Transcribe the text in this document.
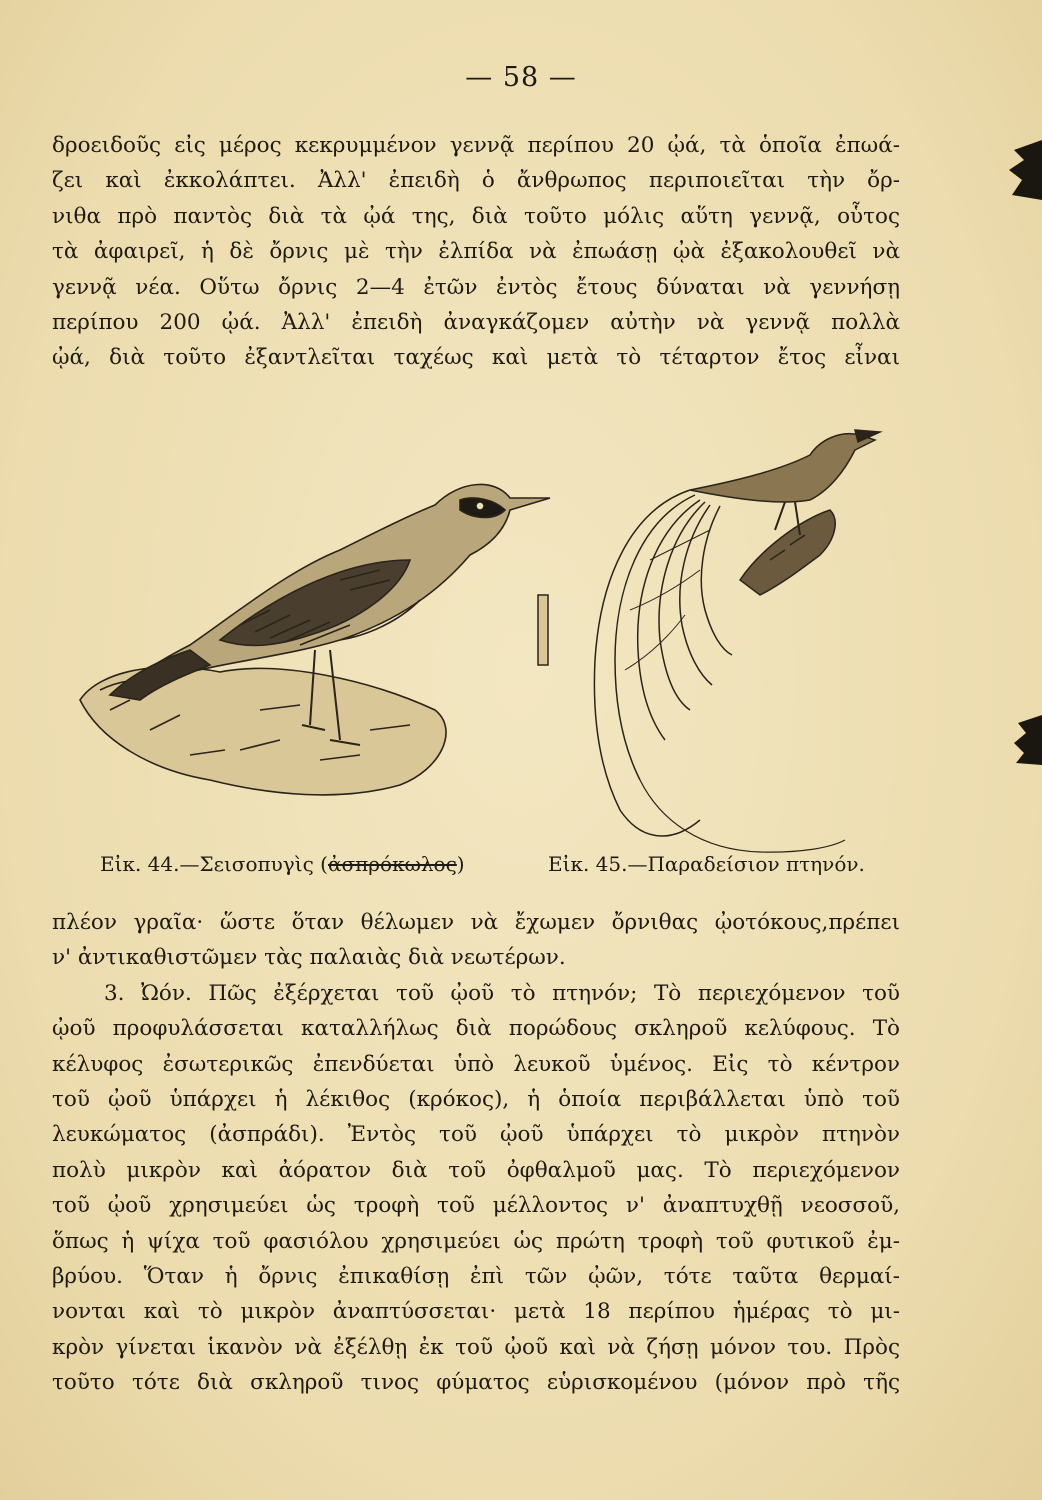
— 58 —
δροειδοῦς εἰς μέρος κεκρυμμένον γεννᾷ περίπου 20 ᾠά, τὰ ὁποῖα ἐπωά-
ζει καὶ ἐκκολάπτει. Ἀλλ' ἐπειδὴ ὁ ἄνθρωπος περιποιεῖται τὴν ὄρ-
νιθα πρὸ παντὸς διὰ τὰ ᾠά της, διὰ τοῦτο μόλις αὕτη γεννᾷ, οὗτος
τὰ ἀφαιρεῖ, ἡ δὲ ὄρνις μὲ τὴν ἐλπίδα νὰ ἐπωάσῃ ᾠὰ ἐξακολουθεῖ νὰ
γεννᾷ νέα. Οὕτω ὄρνις 2—4 ἐτῶν ἐντὸς ἔτους δύναται νὰ γεννήσῃ
περίπου 200 ᾠά. Ἀλλ' ἐπειδὴ ἀναγκάζομεν αὐτὴν νὰ γεννᾷ πολλὰ
ᾠά, διὰ τοῦτο ἐξαντλεῖται ταχέως καὶ μετὰ τὸ τέταρτον ἔτος εἶναι
Εἰκ. 44.—Σεισοπυγὶς (ἀσπρόκωλος)	Εἰκ. 45.—Παραδείσιον πτηνόν.
πλέον γραῖα· ὥστε ὅταν θέλωμεν νὰ ἔχωμεν ὄρνιθας ᾠοτόκους,πρέπει
ν' ἀντικαθιστῶμεν τὰς παλαιὰς διὰ νεωτέρων.
3. Ὠόν. Πῶς ἐξέρχεται τοῦ ᾠοῦ τὸ πτηνόν; Τὸ περιεχόμενον τοῦ
ᾠοῦ προφυλάσσεται καταλλήλως διὰ πορώδους σκληροῦ κελύφους. Τὸ
κέλυφος ἐσωτερικῶς ἐπενδύεται ὑπὸ λευκοῦ ὑμένος. Εἰς τὸ κέντρον
τοῦ ᾠοῦ ὑπάρχει ἡ λέκιθος (κρόκος), ἡ ὁποία περιβάλλεται ὑπὸ τοῦ
λευκώματος (ἀσπράδι). Ἐντὸς τοῦ ᾠοῦ ὑπάρχει τὸ μικρὸν πτηνὸν
πολὺ μικρὸν καὶ ἀόρατον διὰ τοῦ ὀφθαλμοῦ μας. Τὸ περιεχόμενον
τοῦ ᾠοῦ χρησιμεύει ὡς τροφὴ τοῦ μέλλοντος ν' ἀναπτυχθῇ νεοσσοῦ,
ὅπως ἡ ψίχα τοῦ φασιόλου χρησιμεύει ὡς πρώτη τροφὴ τοῦ φυτικοῦ ἐμ-
βρύου. Ὅταν ἡ ὄρνις ἐπικαθίσῃ ἐπὶ τῶν ᾠῶν, τότε ταῦτα θερμαί-
νονται καὶ τὸ μικρὸν ἀναπτύσσεται· μετὰ 18 περίπου ἡμέρας τὸ μι-
κρὸν γίνεται ἱκανὸν νὰ ἐξέλθῃ ἐκ τοῦ ᾠοῦ καὶ νὰ ζήσῃ μόνον του. Πρὸς
τοῦτο τότε διὰ σκληροῦ τινος φύματος εὑρισκομένου (μόνον πρὸ τῆς
